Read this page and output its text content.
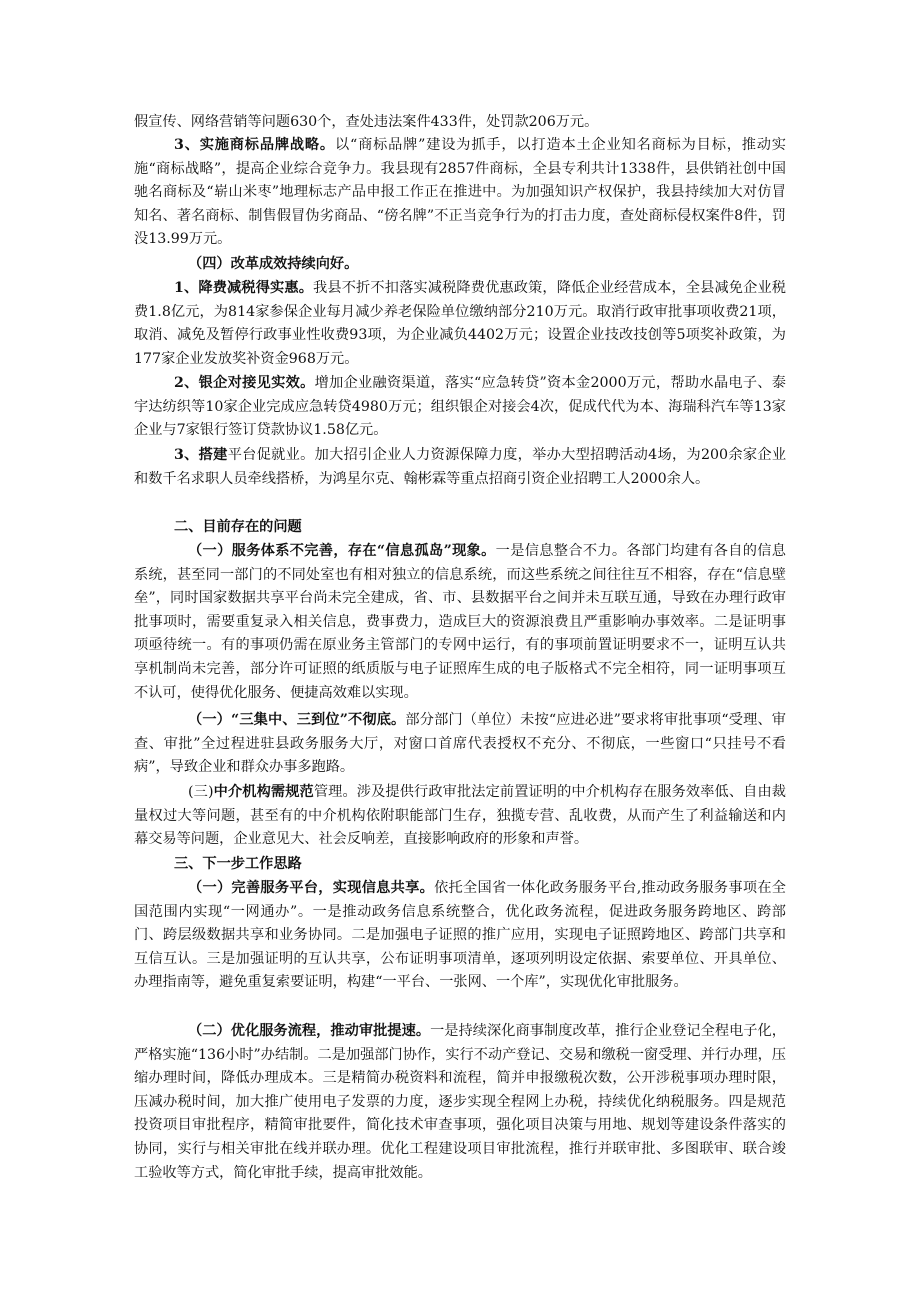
假宣传、网络营销等问题630个，查处违法案件433件，处罚款206万元。

3、实施商标品牌战略。以“商标品牌”建设为抓手，以打造本土企业知名商标为目标，推动实施“商标战略”，提高企业综合竞争力。我县现有2857件商标，全县专利共计1338件，县供销社创中国驰名商标及“崭山米枣”地理标志产品申报工作正在推进中。为加强知识产权保护，我县持续加大对仿冒知名、著名商标、制售假冒伪劣商品、“傍名牌”不正当竞争行为的打击力度，查处商标侵权案件8件，罚没13.99万元。

（四）改革成效持续向好。

1、降费减税得实惠。我县不折不扣落实减税降费优惠政策，降低企业经营成本，全县减免企业税费1.8亿元，为814家参保企业每月减少养老保险单位缴纳部分210万元。取消行政审批事项收费21项，取消、减免及暂停行政事业性收费93项，为企业减负4402万元；设置企业技改技创等5项奖补政策，为177家企业发放奖补资金968万元。

2、银企对接见实效。增加企业融资渠道，落实“应急转贷”资本金2000万元，帮助水晶电子、泰宇达纺织等10家企业完成应急转贷4980万元；组织银企对接会4次，促成代代为本、海瑞科汽车等13家企业与7家银行签订贷款协议1.58亿元。

3、搭建平台促就业。加大招引企业人力资源保障力度，举办大型招聘活动4场，为200余家企业和数千名求职人员牵线搭桥，为鸿星尔克、翰彬霖等重点招商引资企业招聘工人2000余人。

二、目前存在的问题

（一）服务体系不完善，存在“信息孤岛”现象。一是信息整合不力。各部门均建有各自的信息系统，甚至同一部门的不同处室也有相对独立的信息系统，而这些系统之间往往互不相容，存在“信息壁垒”，同时国家数据共享平台尚未完全建成，省、市、县数据平台之间并未互联互通，导致在办理行政审批事项时，需要重复录入相关信息，费事费力，造成巨大的资源浪费且严重影响办事效率。二是证明事项亟待统一。有的事项仍需在原业务主管部门的专网中运行，有的事项前置证明要求不一，证明互认共享机制尚未完善，部分许可证照的纸质版与电子证照库生成的电子版格式不完全相符，同一证明事项互不认可，使得优化服务、便捷高效难以实现。

（一）“三集中、三到位”不彻底。部分部门（单位）未按“应进必进”要求将审批事项“受理、审查、审批”全过程进驻县政务服务大厅，对窗口首席代表授权不充分、不彻底，一些窗口“只挂号不看病”，导致企业和群众办事多跑路。

(三)中介机构需规范管理。涉及提供行政审批法定前置证明的中介机构存在服务效率低、自由裁量权过大等问题，甚至有的中介机构依附职能部门生存，独揽专营、乱收费，从而产生了利益输送和内幕交易等问题，企业意见大、社会反响差，直接影响政府的形象和声誉。

三、下一步工作思路

（一）完善服务平台，实现信息共享。依托全国省一体化政务服务平台,推动政务服务事项在全国范围内实现“一网通办”。一是推动政务信息系统整合，优化政务流程，促进政务服务跨地区、跨部门、跨层级数据共享和业务协同。二是加强电子证照的推广应用，实现电子证照跨地区、跨部门共享和互信互认。三是加强证明的互认共享，公布证明事项清单，逐项列明设定依据、索要单位、开具单位、办理指南等，避免重复索要证明，构建“一平台、一张网、一个库”，实现优化审批服务。

（二）优化服务流程，推动审批提速。一是持续深化商事制度改革，推行企业登记全程电子化，严格实施“136小时”办结制。二是加强部门协作，实行不动产登记、交易和缴税一窗受理、并行办理，压缩办理时间，降低办理成本。三是精简办税资料和流程，简并申报缴税次数，公开涉税事项办理时限，压减办税时间，加大推广使用电子发票的力度，逐步实现全程网上办税，持续优化纳税服务。四是规范投资项目审批程序，精简审批要件，简化技术审查事项，强化项目决策与用地、规划等建设条件落实的协同，实行与相关审批在线并联办理。优化工程建设项目审批流程，推行并联审批、多图联审、联合竣工验收等方式，简化审批手续，提高审批效能。
